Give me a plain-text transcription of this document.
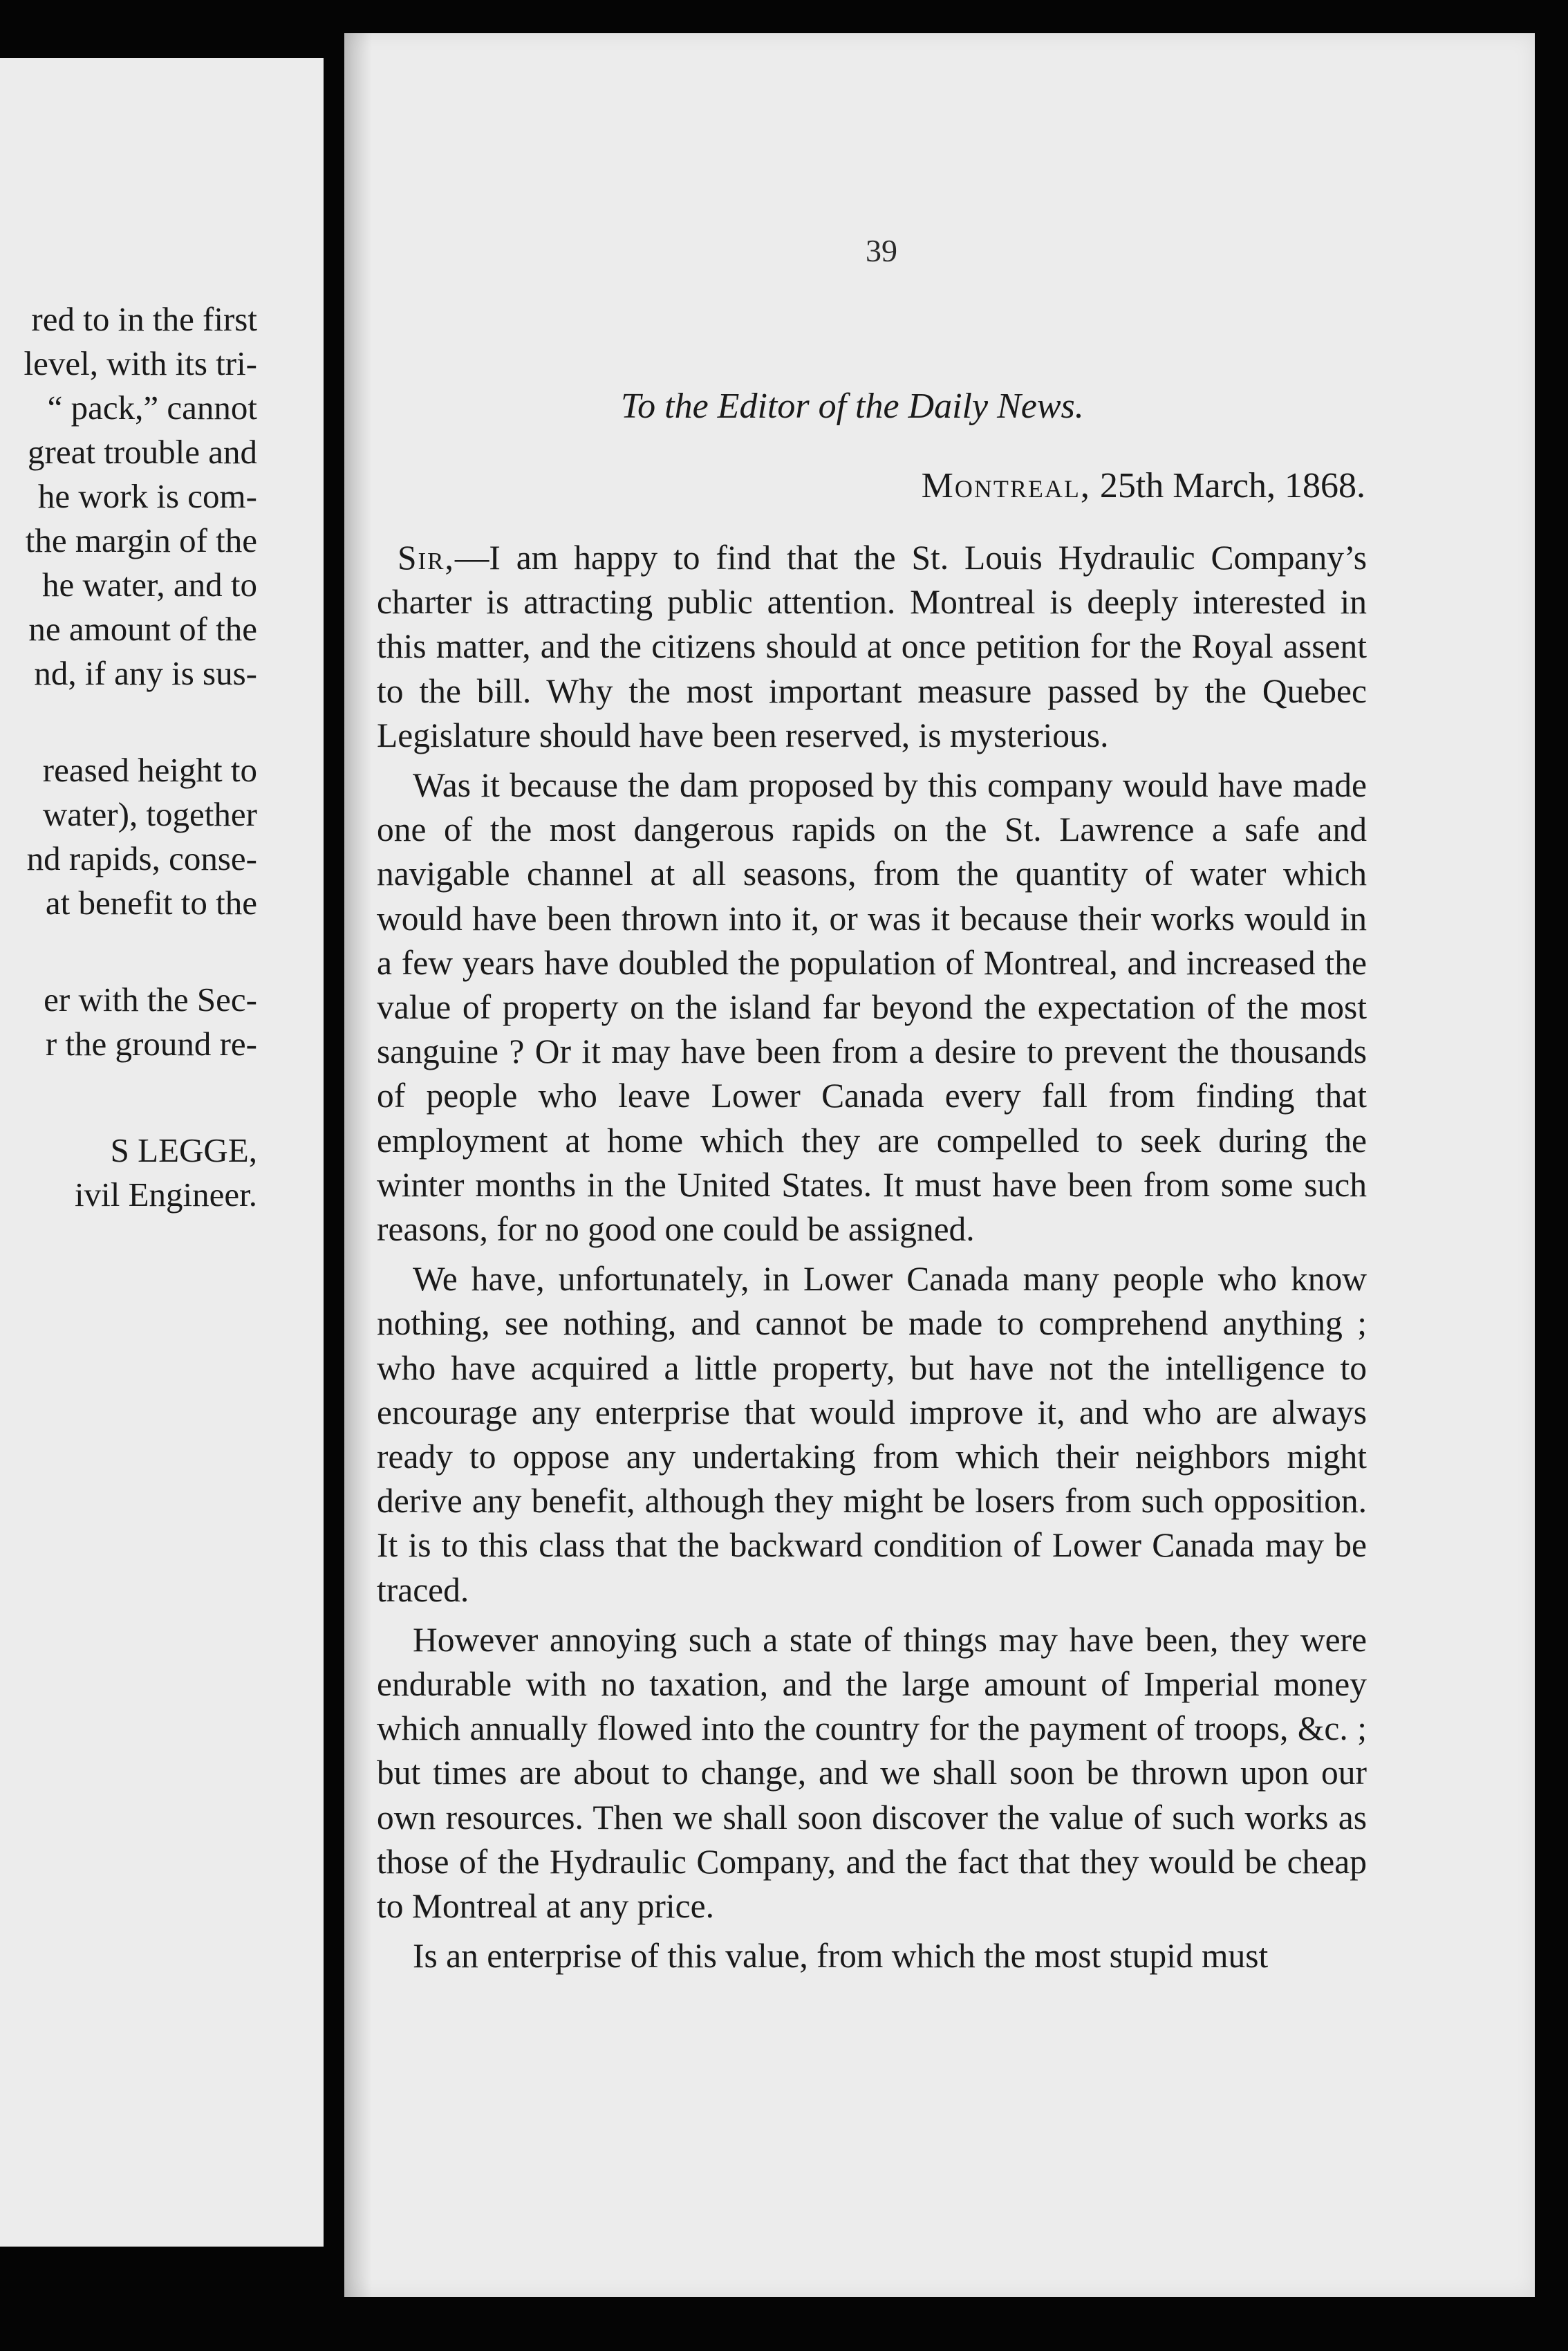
red to in the first
level, with its tri-
“ pack,” cannot
great trouble and
he work is com-
the margin of the
he water, and to
ne amount of the
nd, if any is sus-
reased height to
water), together
nd rapids, conse-
at benefit to the
er with the Sec-
r the ground re-
S LEGGE,
ivil Engineer.
39
To the Editor of the Daily News.
Montreal, 25th March, 1868.

Sir,—I am happy to find that the St. Louis Hydraulic Company’s charter is attracting public attention. Montreal is deeply interested in this matter, and the citizens should at once petition for the Royal assent to the bill. Why the most important measure passed by the Quebec Legislature should have been reserved, is mysterious.

Was it because the dam proposed by this company would have made one of the most dangerous rapids on the St. Lawrence a safe and navigable channel at all seasons, from the quantity of water which would have been thrown into it, or was it because their works would in a few years have doubled the population of Montreal, and increased the value of property on the island far beyond the expectation of the most sanguine ? Or it may have been from a desire to prevent the thousands of people who leave Lower Canada every fall from finding that employment at home which they are compelled to seek during the winter months in the United States. It must have been from some such reasons, for no good one could be assigned.

We have, unfortunately, in Lower Canada many people who know nothing, see nothing, and cannot be made to comprehend anything ; who have acquired a little property, but have not the intelligence to encourage any enterprise that would improve it, and who are always ready to oppose any undertaking from which their neighbors might derive any benefit, although they might be losers from such opposition. It is to this class that the backward condition of Lower Canada may be traced.

However annoying such a state of things may have been, they were endurable with no taxation, and the large amount of Imperial money which annually flowed into the country for the payment of troops, &c. ; but times are about to change, and we shall soon be thrown upon our own resources. Then we shall soon discover the value of such works as those of the Hydraulic Company, and the fact that they would be cheap to Montreal at any price.

Is an enterprise of this value, from which the most stupid must
